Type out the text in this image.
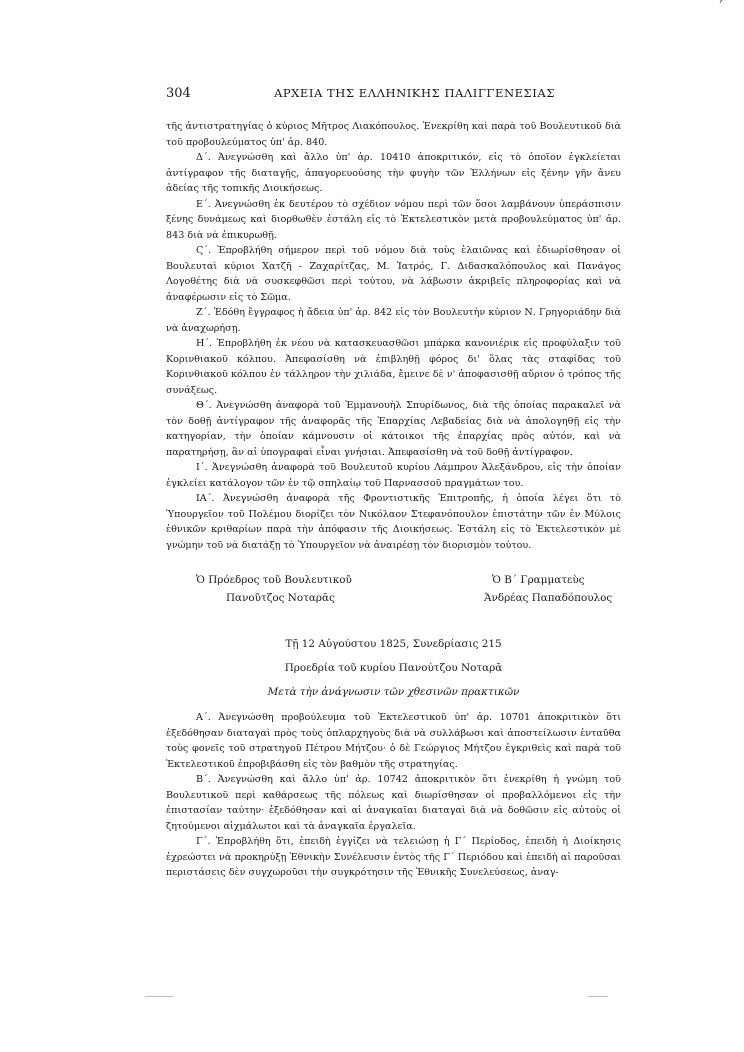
304	ΑΡΧΕΙΑ ΤΗΣ ΕΛΛΗΝΙΚΗΣ ΠΑΛΙΓΓΕΝΕΣΙΑΣ

τῆς ἀντιστρατηγίας ὁ κύριος Μῆτρος Λιακόπουλος. Ἐνεκρίθη καὶ παρὰ τοῦ Βουλευτικοῦ διὰ τοῦ προβουλεύματος ὑπ' ἀρ. 840.

Δ΄. Ἀνεγνώσθη καὶ ἄλλο ὑπ' ἀρ. 10410 ἀποκριτικόν, εἰς τὸ ὁποῖον ἐγκλείεται ἀντίγραφον τῆς διαταγῆς, ἀπαγορευούσης τὴν φυγὴν τῶν Ἑλλήνων εἰς ξένην γῆν ἄνευ ἀδείας τῆς τοπικῆς Διοικήσεως.

Ε΄. Ἀνεγνώσθη ἐκ δευτέρου τὸ σχέδιον νόμου περὶ τῶν ὅσοι λαμβάνουν ὑπεράσπισιν ξένης δυνάμεως καὶ διορθωθὲν ἐστάλη εἰς τὸ Ἐκτελεστικὸν μετὰ προβουλεύματος ὑπ' ἀρ. 843 διὰ νὰ ἐπικυρωθῇ.

Ϛ΄. Ἐπροβλήθη σήμερον περὶ τοῦ νόμου διὰ τοὺς ἐλαιῶνας καὶ ἐδιωρίσθησαν οἱ Βουλευταὶ κύριοι Χατζῆ - Ζαχαρίτζας, Μ. Ἰατρός, Γ. Διδασκαλόπουλος καὶ Πανάγος Λογοθέτης διὰ νὰ συσκεφθῶσι περὶ τούτου, νὰ λάβωσιν ἀκριβεῖς πληροφορίας καὶ νὰ ἀναφέρωσιν εἰς τὸ Σῶμα.

Ζ΄. Ἐδόθη ἔγγραφος ἡ ἄδεια ὑπ' ἀρ. 842 εἰς τὸν Βουλευτὴν κύριον Ν. Γρηγοριάδην διὰ νὰ ἀναχωρήσῃ.

Η΄. Ἐπροβλήθη ἐκ νέου νὰ κατασκευασθῶσι μπάρκα κανονιέρικ εἰς προφύλαξιν τοῦ Κορινθιακοῦ κόλπου. Ἀπεφασίσθη νὰ ἐπιβληθῇ φόρος δι' ὅλας τὰς σταφίδας τοῦ Κορινθιακοῦ κόλπου ἐν τάλληρον τὴν χιλιάδα, ἔμεινε δὲ ν' ἀποφασισθῇ αὔριον ὁ τρόπος τῆς συνάξεως.

Θ΄. Ἀνεγνώσθη ἀναφορὰ τοῦ Ἐμμανουὴλ Σπυρίδωνος, διὰ τῆς ὁποίας παρακαλεῖ νὰ τὸν δοθῇ ἀντίγραφον τῆς ἀναφορᾶς τῆς Ἐπαρχίας Λεβαδείας διὰ νὰ ἀπολογηθῇ εἰς τὴν κατηγορίαν, τὴν ὁποίαν κάμνουσιν οἱ κάτοικοι τῆς ἐπαρχίας πρὸς αὐτόν, καὶ νὰ παρατηρήσῃ, ἂν αἱ ὑπογραφαὶ εἶναι γνήσιαι. Ἀπεφασίσθη νὰ τοῦ δοθῇ ἀντίγραφον.

Ι΄. Ἀνεγνώσθη ἀναφορὰ τοῦ Βουλευτοῦ κυρίου Λάμπρου Ἀλεξάνδρου, εἰς τὴν ὁποίαν ἐγκλείει κατάλογον τῶν ἐν τῷ σπηλαίῳ τοῦ Παρνασσοῦ πραγμάτων του.

ΙΑ΄. Ἀνεγνώσθη ἀναφορὰ τῆς Φροντιστικῆς Ἐπιτροπῆς, ἡ ὁποία λέγει ὅτι τὸ Ὑπουργεῖον τοῦ Πολέμου διορίζει τὸν Νικόλαον Στεφανόπουλον ἐπιστάτην τῶν ἐν Μύλοις ἐθνικῶν κριθαρίων παρὰ τὴν ἀπόφασιν τῆς Διοικήσεως. Ἐστάλη εἰς τὸ Ἐκτελεστικὸν μὲ γνώμην τοῦ νὰ διατάξῃ τὸ Ὑπουργεῖον νὰ ἀναιρέσῃ τὸν διορισμὸν τούτου.

Ὁ Πρόεδρος τοῦ Βουλευτικοῦ
Πανοῦτζος Νοταρᾶς
Ὁ Β΄ Γραμματεὺς
Ἀνδρέας Παπαδόπουλος
Τῇ 12 Αὐγούστου 1825, Συνεδρίασις 215
Προεδρία τοῦ κυρίου Πανούτζου Νοταρᾶ
Μετὰ τὴν ἀνάγνωσιν τῶν χθεσινῶν πρακτικῶν

Α΄. Ἀνεγνώσθη προβούλευμα τοῦ Ἐκτελεστικοῦ ὑπ' ἀρ. 10701 ἀποκριτικὸν ὅτι ἐξεδόθησαν διαταγαὶ πρὸς τοὺς ὁπλαρχηγοὺς διὰ νὰ συλλάβωσι καὶ ἀποστείλωσιν ἐνταῦθα τοὺς φονεῖς τοῦ στρατηγοῦ Πέτρου Μήτζου· ὁ δὲ Γεώργιος Μήτζου ἐγκριθεὶς καὶ παρὰ τοῦ Ἐκτελεστικοῦ ἐπροβιβάσθη εἰς τὸν βαθμὸν τῆς στρατηγίας.

Β΄. Ἀνεγνώσθη καὶ ἄλλο ὑπ' ἀρ. 10742 ἀποκριτικὸν ὅτι ἐνεκρίθη ἡ γνώμη τοῦ Βουλευτικοῦ περὶ καθάρσεως τῆς πόλεως καὶ διωρίσθησαν οἱ προβαλλόμενοι εἰς τὴν ἐπιστασίαν ταύτην· ἐξεδόθησαν καὶ αἱ ἀναγκαῖαι διαταγαὶ διὰ νὰ δοθῶσιν εἰς αὐτοὺς οἱ ζητούμενοι αἰχμάλωτοι καὶ τὰ ἀναγκαῖα ἐργαλεῖα.

Γ΄. Ἐπροβλήθη ὅτι, ἐπειδὴ ἐγγίζει νὰ τελειώσῃ ἡ Γ΄ Περίοδος, ἐπειδὴ ἡ Διοίκησις ἐχρεώστει νὰ προκηρύξῃ Ἐθνικὴν Συνέλευσιν ἐντὸς τῆς Γ΄ Περιόδου καὶ ἐπειδὴ αἱ παροῦσαι περιστάσεις δὲν συγχωροῦσι τὴν συγκρότησιν τῆς Ἐθνικῆς Συνελεύσεως, ἀναγ-
